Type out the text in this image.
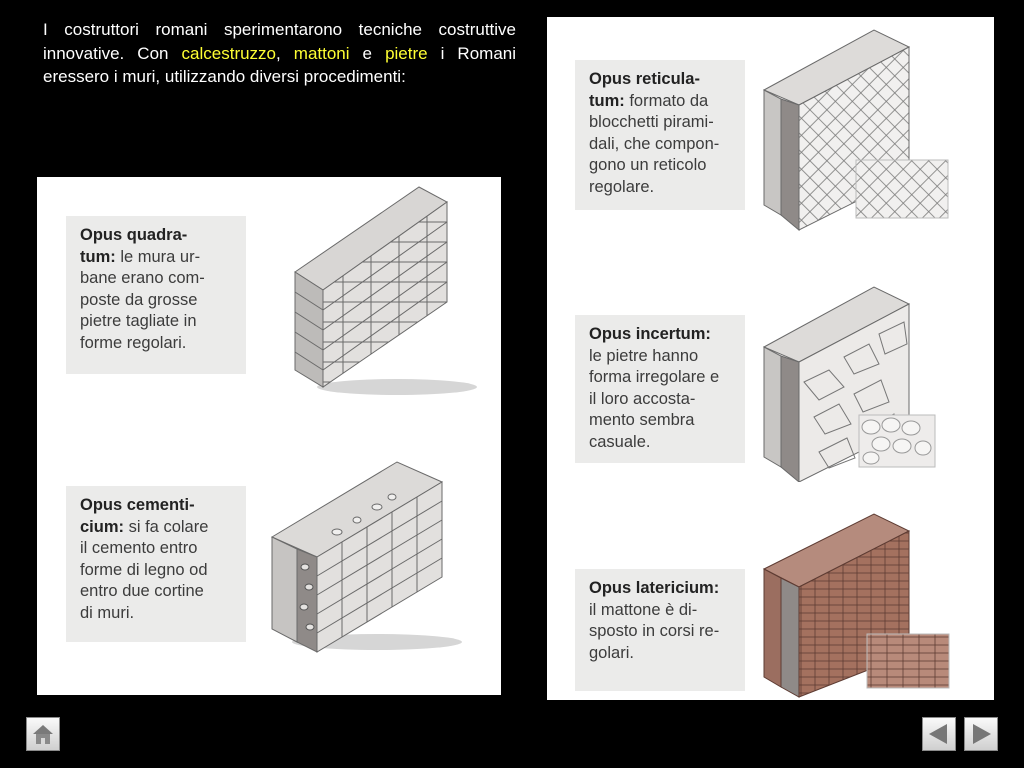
I costruttori romani sperimentarono tecniche costruttive innovative. Con calcestruzzo, mattoni e pietre i Romani eressero i muri, utilizzando diversi procedimenti:

Opus quadra-
tum: le mura ur-
bane erano com-
poste da grosse
pietre tagliate in
forme regolari.
Opus cementi-
cium: si fa colare
il cemento entro
forme di legno od
entro due cortine
di muri.
Opus reticula-
tum: formato da
blocchetti pirami-
dali, che compon-
gono un reticolo
regolare.
Opus incertum:
le pietre hanno
forma irregolare e
il loro accosta-
mento sembra
casuale.
Opus latericium:
il mattone è di-
sposto in corsi re-
golari.
